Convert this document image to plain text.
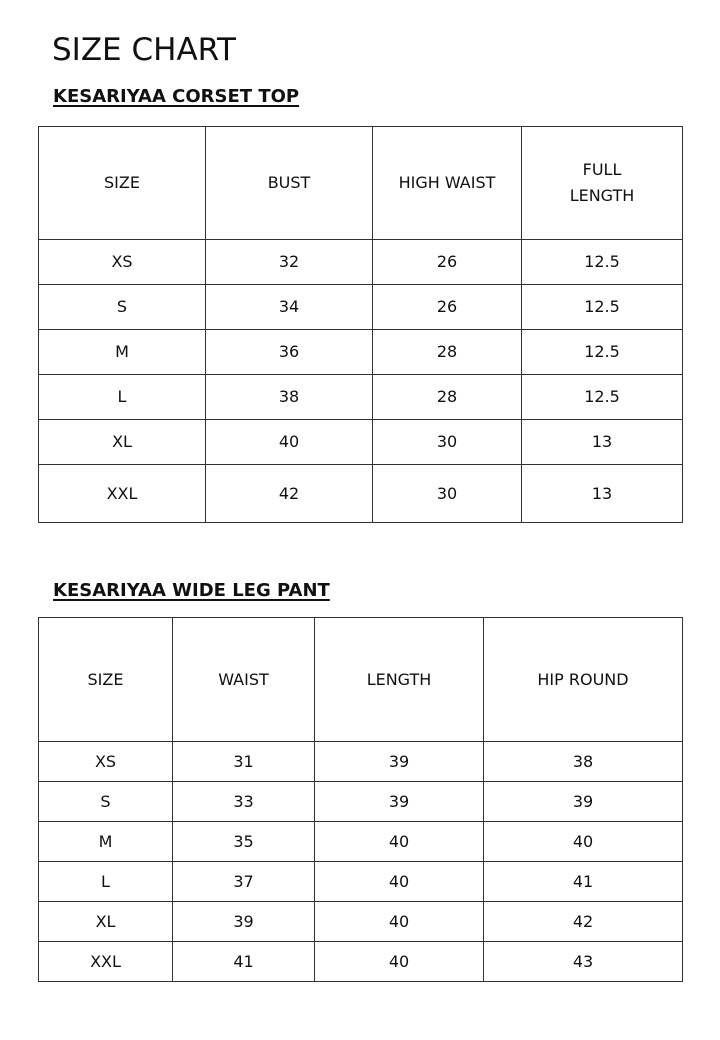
SIZE CHART
KESARIYAA CORSET TOP
SIZE	BUST	HIGH WAIST	FULL
LENGTH
XS	32	26	12.5
S	34	26	12.5
M	36	28	12.5
L	38	28	12.5
XL	40	30	13
XXL	42	30	13
KESARIYAA WIDE LEG PANT
SIZE	WAIST	LENGTH	HIP ROUND
XS	31	39	38
S	33	39	39
M	35	40	40
L	37	40	41
XL	39	40	42
XXL	41	40	43
